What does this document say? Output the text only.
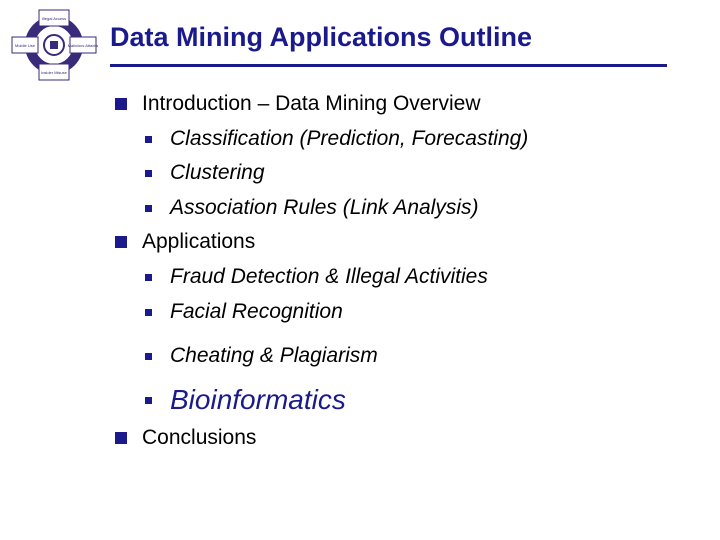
Illegal Access
Mobile Use	Malicious Attacks
Insider Misuse
Data Mining Applications Outline
Introduction – Data Mining Overview
Classification (Prediction, Forecasting)
Clustering
Association Rules (Link Analysis)
Applications
Fraud Detection & Illegal Activities
Facial Recognition
Cheating & Plagiarism
Bioinformatics
Conclusions
